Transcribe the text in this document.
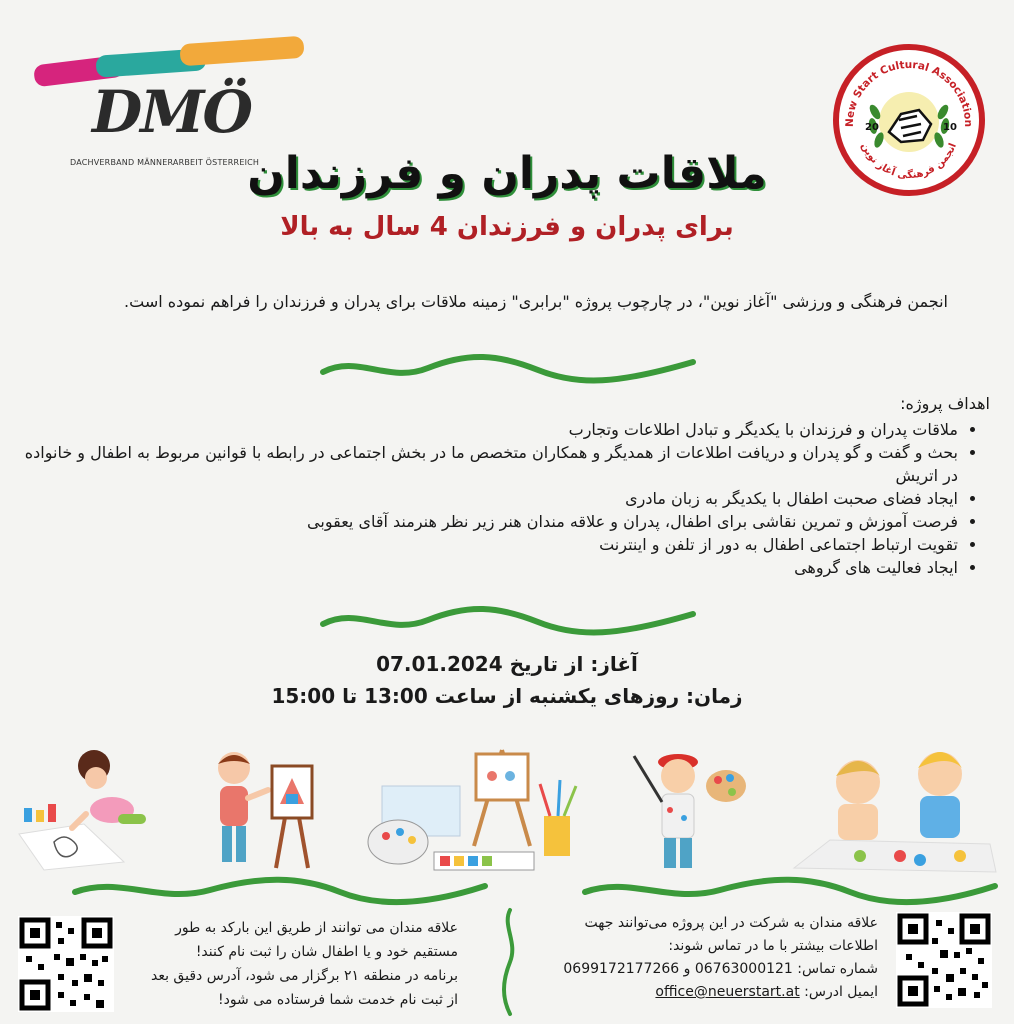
DMÖ
DACHVERBAND MÄNNERARBEIT ÖSTERREICH
New Start Cultural Association
انجمن فرهنگی آغاز نوین
20	10
ملاقات پدران و فرزندان
برای پدران و فرزندان 4 سال به بالا
انجمن فرهنگی و ورزشی "آغاز نوین"، در چارچوب پروژه "برابری" زمینه ملاقات برای پدران و فرزندان را فراهم نموده است.
اهداف پروژه:
• ملاقات پدران و فرزندان با یکدیگر و تبادل اطلاعات وتجارب
• بحث و گفت و گو پدران و دریافت اطلاعات از همدیگر و همکاران متخصص ما در بخش اجتماعی در رابطه با قوانین مربوط به اطفال و خانواده در اتریش
• ایجاد فضای صحبت اطفال با یکدیگر به زبان مادری
• فرصت آموزش و تمرین نقاشی برای اطفال، پدران و علاقه مندان هنر زیر نظر هنرمند آقای یعقوبی
• تقویت ارتباط اجتماعی اطفال به دور از تلفن و اینترنت
• ایجاد فعالیت های گروهی
آغاز: از تاریخ 07.01.2024
زمان: روزهای یکشنبه از ساعت 13:00 تا 15:00
علاقه مندان می توانند از طریق این بارکد به طور
مستقیم خود و یا اطفال شان را ثبت نام کنند!
برنامه در منطقه ۲۱ برگزار می شود، آدرس دقیق بعد
از ثبت نام خدمت شما فرستاده می شود!
علاقه مندان به شرکت در این پروژه می‌توانند جهت
اطلاعات بیشتر با ما در تماس شوند:
شماره تماس: 06763000121 و 0699172177266
ایمیل ادرس: office@neuerstart.at
